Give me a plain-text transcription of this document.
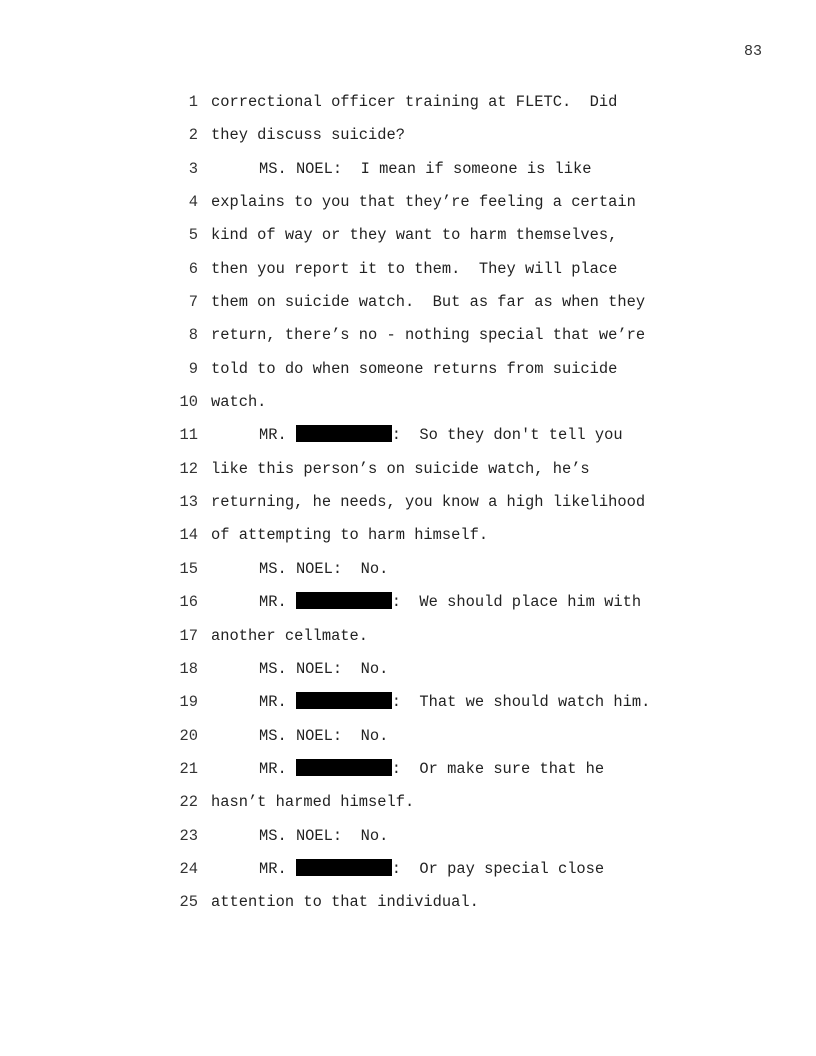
83
1 correctional officer training at FLETC.  Did
2 they discuss suicide?
3	MS. NOEL:  I mean if someone is like
4 explains to you that they’re feeling a certain
5 kind of way or they want to harm themselves,
6 then you report it to them.  They will place
7 them on suicide watch.  But as far as when they
8 return, there’s no - nothing special that we’re
9 told to do when someone returns from suicide
10 watch.
11	MR.	:  So they don't tell you
12 like this person’s on suicide watch, he’s
13 returning, he needs, you know a high likelihood
14 of attempting to harm himself.
15	MS. NOEL:  No.
16	MR.	:  We should place him with
17 another cellmate.
18	MS. NOEL:  No.
19	MR.	:  That we should watch him.
20	MS. NOEL:  No.
21	MR.	:  Or make sure that he
22 hasn’t harmed himself.
23	MS. NOEL:  No.
24	MR.	:  Or pay special close
25 attention to that individual.
